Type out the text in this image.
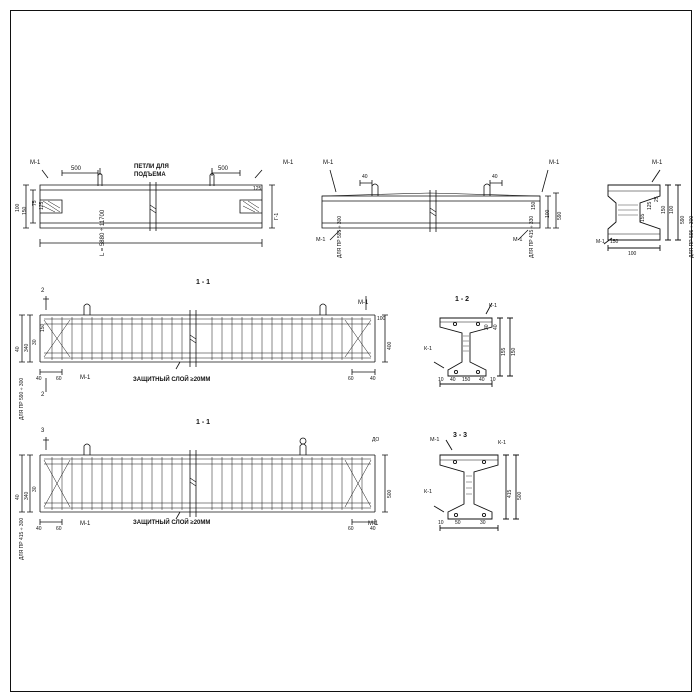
500	500
ПЕТЛИ ДЛЯ
ПОДЪЕМА
М-1	М-1
L = 5880 ÷ 11700
150
100
75 125
Г-1
125
М-1	М-1
М-1	М-1
40	40
150
100 590
ДЛЯ ПР 595 ÷ 300	ДЛЯ ПР 415 ÷ 330
М-1
М-1
100
150
25
125
155
100
590 ДЛЯ ПР 595 ÷ 300
150
1 - 1
2
М-1
М-1
2
ЗАЩИТНЫЙ СЛОЙ ≥20ММ
40 340
30
150
400
100
40	60	60	40
ДЛЯ ПР 590 ÷ 300
1 - 1
3
ДО
М-1	М-1
ЗАЩИТНЫЙ СЛОЙ ≥20ММ
40 340
30
500
40	60	60	40
ДЛЯ ПР 415 ÷ 300
1 - 2
К-1
К-1
10 40 150 40 10
155 150
40
30
3 - 3
М-1	К-1
К-1
10 50	30
415 500
